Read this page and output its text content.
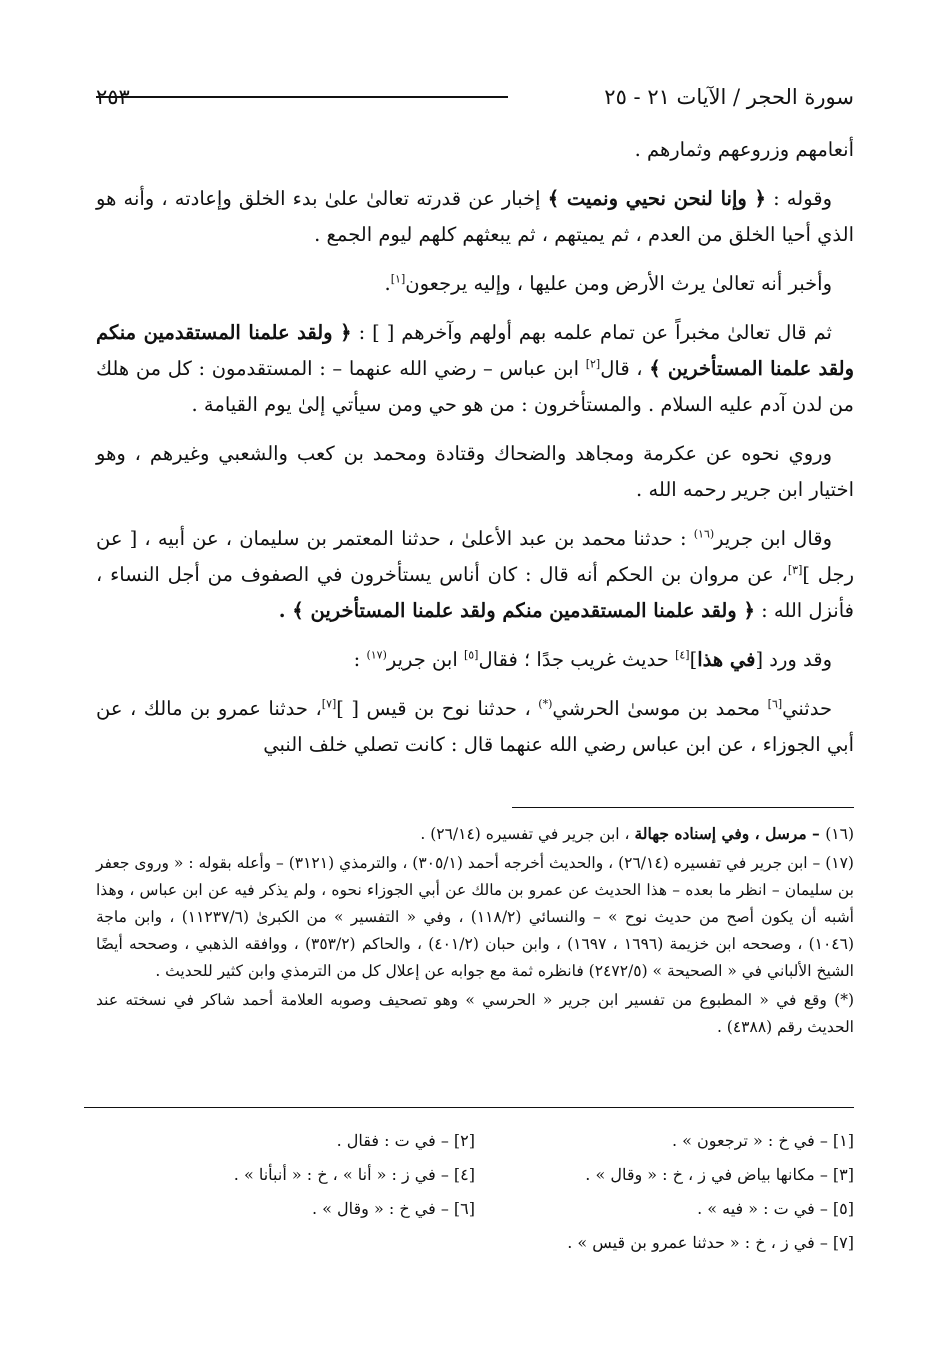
سورة الحجر / الآيات ٢١ - ٢٥
٢٥٣

أنعامهم وزروعهم وثمارهم .

وقوله : ﴿ وإنا لنحن نحيي ونميت ﴾ إخبار عن قدرته تعالىٰ علىٰ بدء الخلق وإعادته ، وأنه هو الذي أحيا الخلق من العدم ، ثم يميتهم ، ثم يبعثهم كلهم ليوم الجمع .

وأخبر أنه تعالىٰ يرث الأرض ومن عليها ، وإليه يرجعون[١].

ثم قال تعالىٰ مخبراً عن تمام علمه بهم أولهم وآخرهم [ ] : ﴿ ولقد علمنا المستقدمين منكم ولقد علمنا المستأخرين ﴾ ، قال[٢] ابن عباس – رضي الله عنهما – : المستقدمون : كل من هلك من لدن آدم عليه السلام . والمستأخرون : من هو حي ومن سيأتي إلىٰ يوم القيامة .

وروي نحوه عن عكرمة ومجاهد والضحاك وقتادة ومحمد بن كعب والشعبي وغيرهم ، وهو اختيار ابن جرير رحمه الله .

وقال ابن جرير$^{(١٦)}$ : حدثنا محمد بن عبد الأعلىٰ ، حدثنا المعتمر بن سليمان ، عن أبيه ، [ عن رجل ][٣]، عن مروان بن الحكم أنه قال : كان أناس يستأخرون في الصفوف من أجل النساء ، فأنزل الله : ﴿ ولقد علمنا المستقدمين منكم ولقد علمنا المستأخرين ﴾ .

وقد ورد [في هذا][٤] حديث غريب جدًا ؛ فقال[٥] ابن جرير$^{(١٧)}$ :

حدثني[٦] محمد بن موسىٰ الحرشي(*) ، حدثنا نوح بن قيس [ ][٧]، حدثنا عمرو بن مالك ، عن أبي الجوزاء ، عن ابن عباس رضي الله عنهما قال : كانت تصلي خلف النبي

(١٦) – مرسل ، وفي إسناده جهالة ، ابن جرير في تفسيره (٢٦/١٤) .

(١٧) – ابن جرير في تفسيره (٢٦/١٤) ، والحديث أخرجه أحمد (٣٠٥/١) ، والترمذي (٣١٢١) – وأعله بقوله : « وروى جعفر بن سليمان – انظر ما بعده – هذا الحديث عن عمرو بن مالك عن أبي الجوزاء نحوه ، ولم يذكر فيه عن ابن عباس ، وهذا أشبه أن يكون أصح من حديث نوح » – والنسائي (١١٨/٢) ، وفي « التفسير » من الكبرىٰ (١١٢٣٧/٦) ، وابن ماجة (١٠٤٦) ، وصححه ابن خزيمة (١٦٩٦ ، ١٦٩٧) ، وابن حبان (٤٠١/٢) ، والحاكم (٣٥٣/٢) ، ووافقه الذهبي ، وصححه أيضًا الشيخ الألباني في « الصحيحة » (٢٤٧٢/٥) فانظره ثمة مع جوابه عن إعلال كل من الترمذي وابن كثير للحديث .

(*) وقع في « المطبوع من تفسير ابن جرير « الحرسي » وهو تصحيف وصوبه العلامة أحمد شاكر في نسخته عند الحديث رقم (٤٣٨٨) .

[١] – في خ : « ترجعون » .
[٢] – في ت : فقال .
[٣] – مكانها بياض في ز ، خ : « وقال » .
[٤] – في ز : « أنا » ، خ : « أنبأنا » .
[٥] – في ت : « فيه » .
[٦] – في خ : « وقال » .
[٧] – في ز ، خ : « حدثنا عمرو بن قيس » .
